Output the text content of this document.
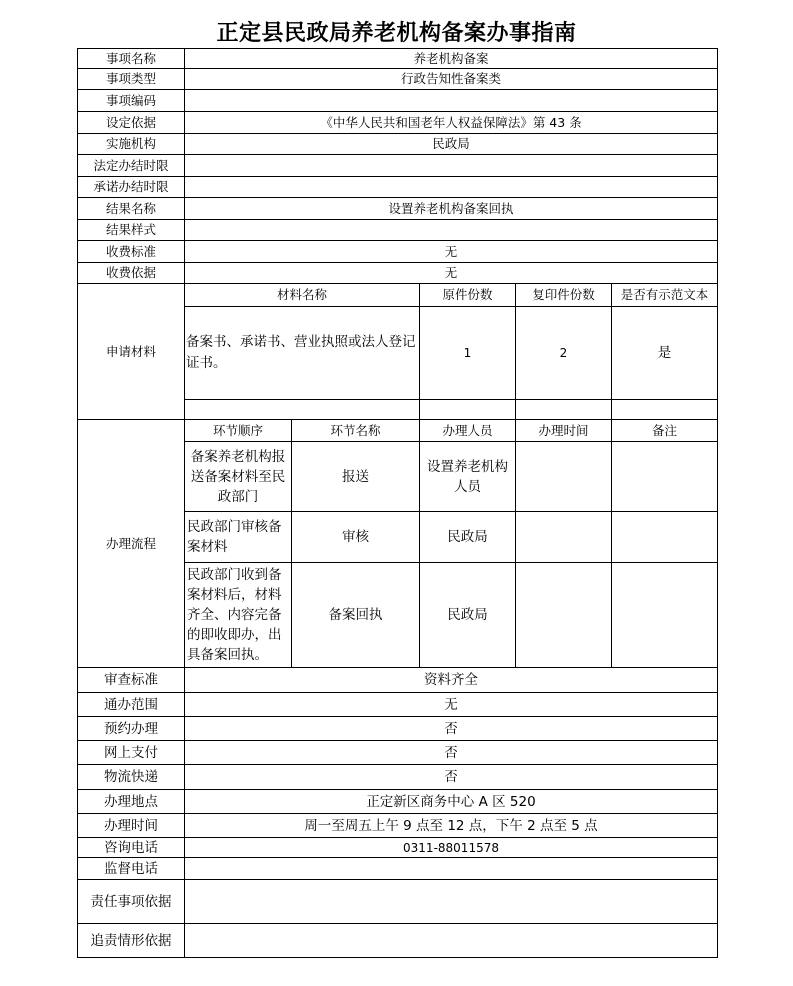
正定县民政局养老机构备案办事指南
事项名称	养老机构备案				
事项类型	行政告知性备案类				
事项编码					
设定依据	《中华人民共和国老年人权益保障法》第 43 条				
实施机构	民政局				
法定办结时限					
承诺办结时限					
结果名称	设置养老机构备案回执				
结果样式					
收费标准	无				
收费依据	无				
申请材料	材料名称		原件份数	复印件份数	是否有示范文本
	备案书、承诺书、营业执照或法人登记证书。		1	2	是

办理流程	环节顺序	环节名称	办理人员	办理时间	备注
	备案养老机构报送备案材料至民政部门	报送	设置养老机构人员		
	民政部门审核备案材料	审核	民政局		
	民政部门收到备案材料后，材料齐全、内容完备的即收即办，出具备案回执。	备案回执	民政局		
审查标准	资料齐全				
通办范围	无				
预约办理	否				
网上支付	否				
物流快递	否				
办理地点	正定新区商务中心 A 区 520				
办理时间	周一至周五上午 9 点至 12 点，下午 2 点至 5 点				
咨询电话	0311-88011578				
监督电话					
责任事项依据					
追责情形依据					
